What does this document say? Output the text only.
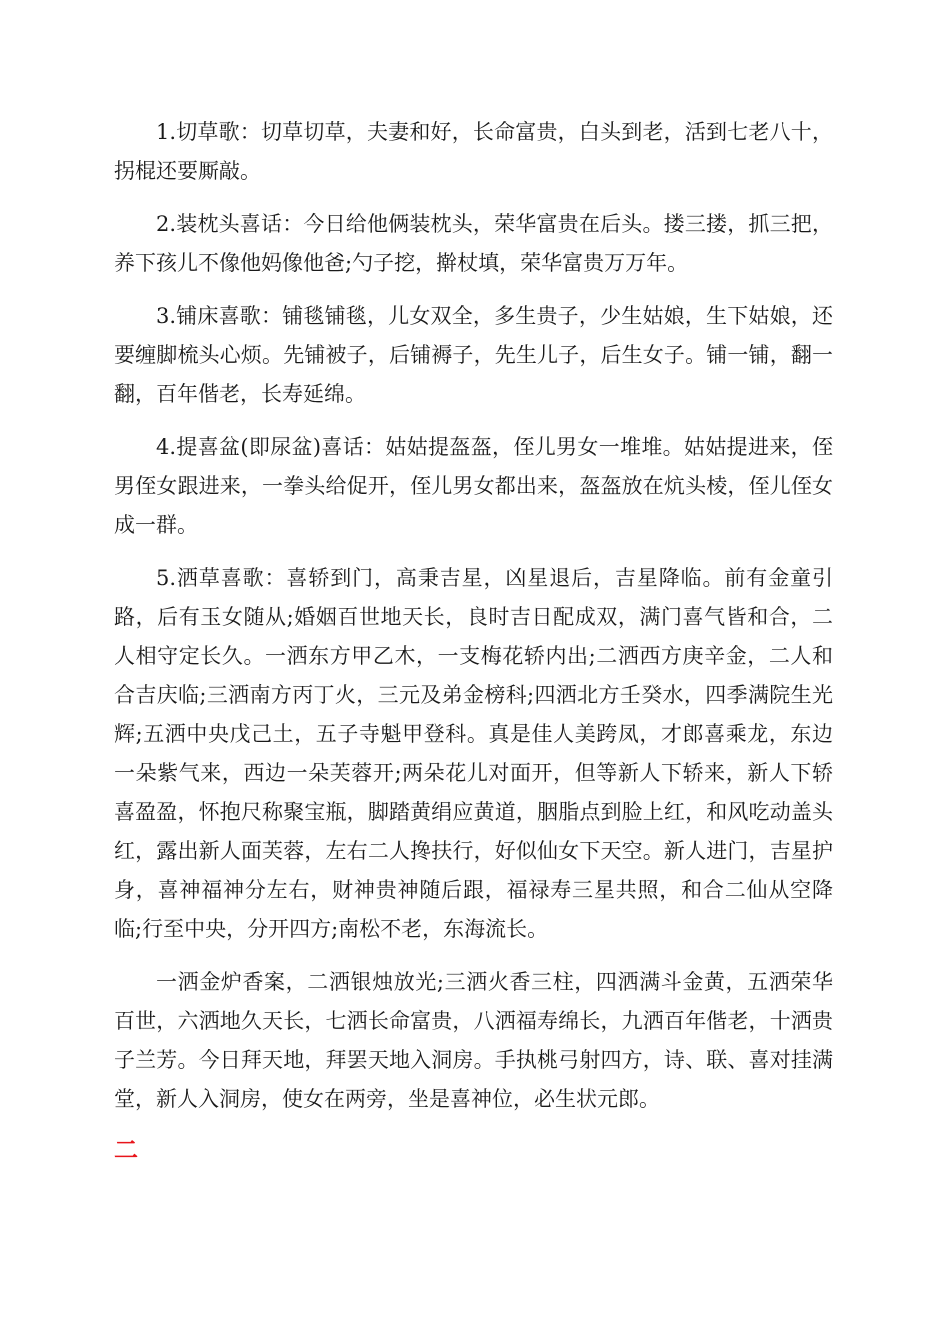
1.切草歌：切草切草，夫妻和好，长命富贵，白头到老，活到七老八十，拐棍还要厮敲。

2.装枕头喜话：今日给他俩装枕头，荣华富贵在后头。搂三搂，抓三把，养下孩儿不像他妈像他爸;勺子挖，擀杖填，荣华富贵万万年。

3.铺床喜歌：铺毯铺毯，儿女双全，多生贵子，少生姑娘，生下姑娘，还要缠脚梳头心烦。先铺被子，后铺褥子，先生儿子，后生女子。铺一铺，翻一翻，百年偕老，长寿延绵。

4.提喜盆(即尿盆)喜话：姑姑提盔盔，侄儿男女一堆堆。姑姑提进来，侄男侄女跟进来，一拳头给促开，侄儿男女都出来，盔盔放在炕头棱，侄儿侄女成一群。

5.洒草喜歌：喜轿到门，高秉吉星，凶星退后，吉星降临。前有金童引路，后有玉女随从;婚姻百世地天长，良时吉日配成双，满门喜气皆和合，二人相守定长久。一洒东方甲乙木，一支梅花轿内出;二洒西方庚辛金，二人和合吉庆临;三洒南方丙丁火，三元及弟金榜科;四洒北方壬癸水，四季满院生光辉;五洒中央戊己土，五子寺魁甲登科。真是佳人美跨凤，才郎喜乘龙，东边一朵紫气来，西边一朵芙蓉开;两朵花儿对面开，但等新人下轿来，新人下轿喜盈盈，怀抱尺称聚宝瓶，脚踏黄绢应黄道，胭脂点到脸上红，和风吃动盖头红，露出新人面芙蓉，左右二人搀扶行，好似仙女下天空。新人进门，吉星护身，喜神福神分左右，财神贵神随后跟，福禄寿三星共照，和合二仙从空降临;行至中央，分开四方;南松不老，东海流长。

一洒金炉香案，二洒银烛放光;三洒火香三柱，四洒满斗金黄，五洒荣华百世，六洒地久天长，七洒长命富贵，八洒福寿绵长，九洒百年偕老，十洒贵子兰芳。今日拜天地，拜罢天地入洞房。手执桃弓射四方，诗、联、喜对挂满堂，新人入洞房，使女在两旁，坐是喜神位，必生状元郎。

二
